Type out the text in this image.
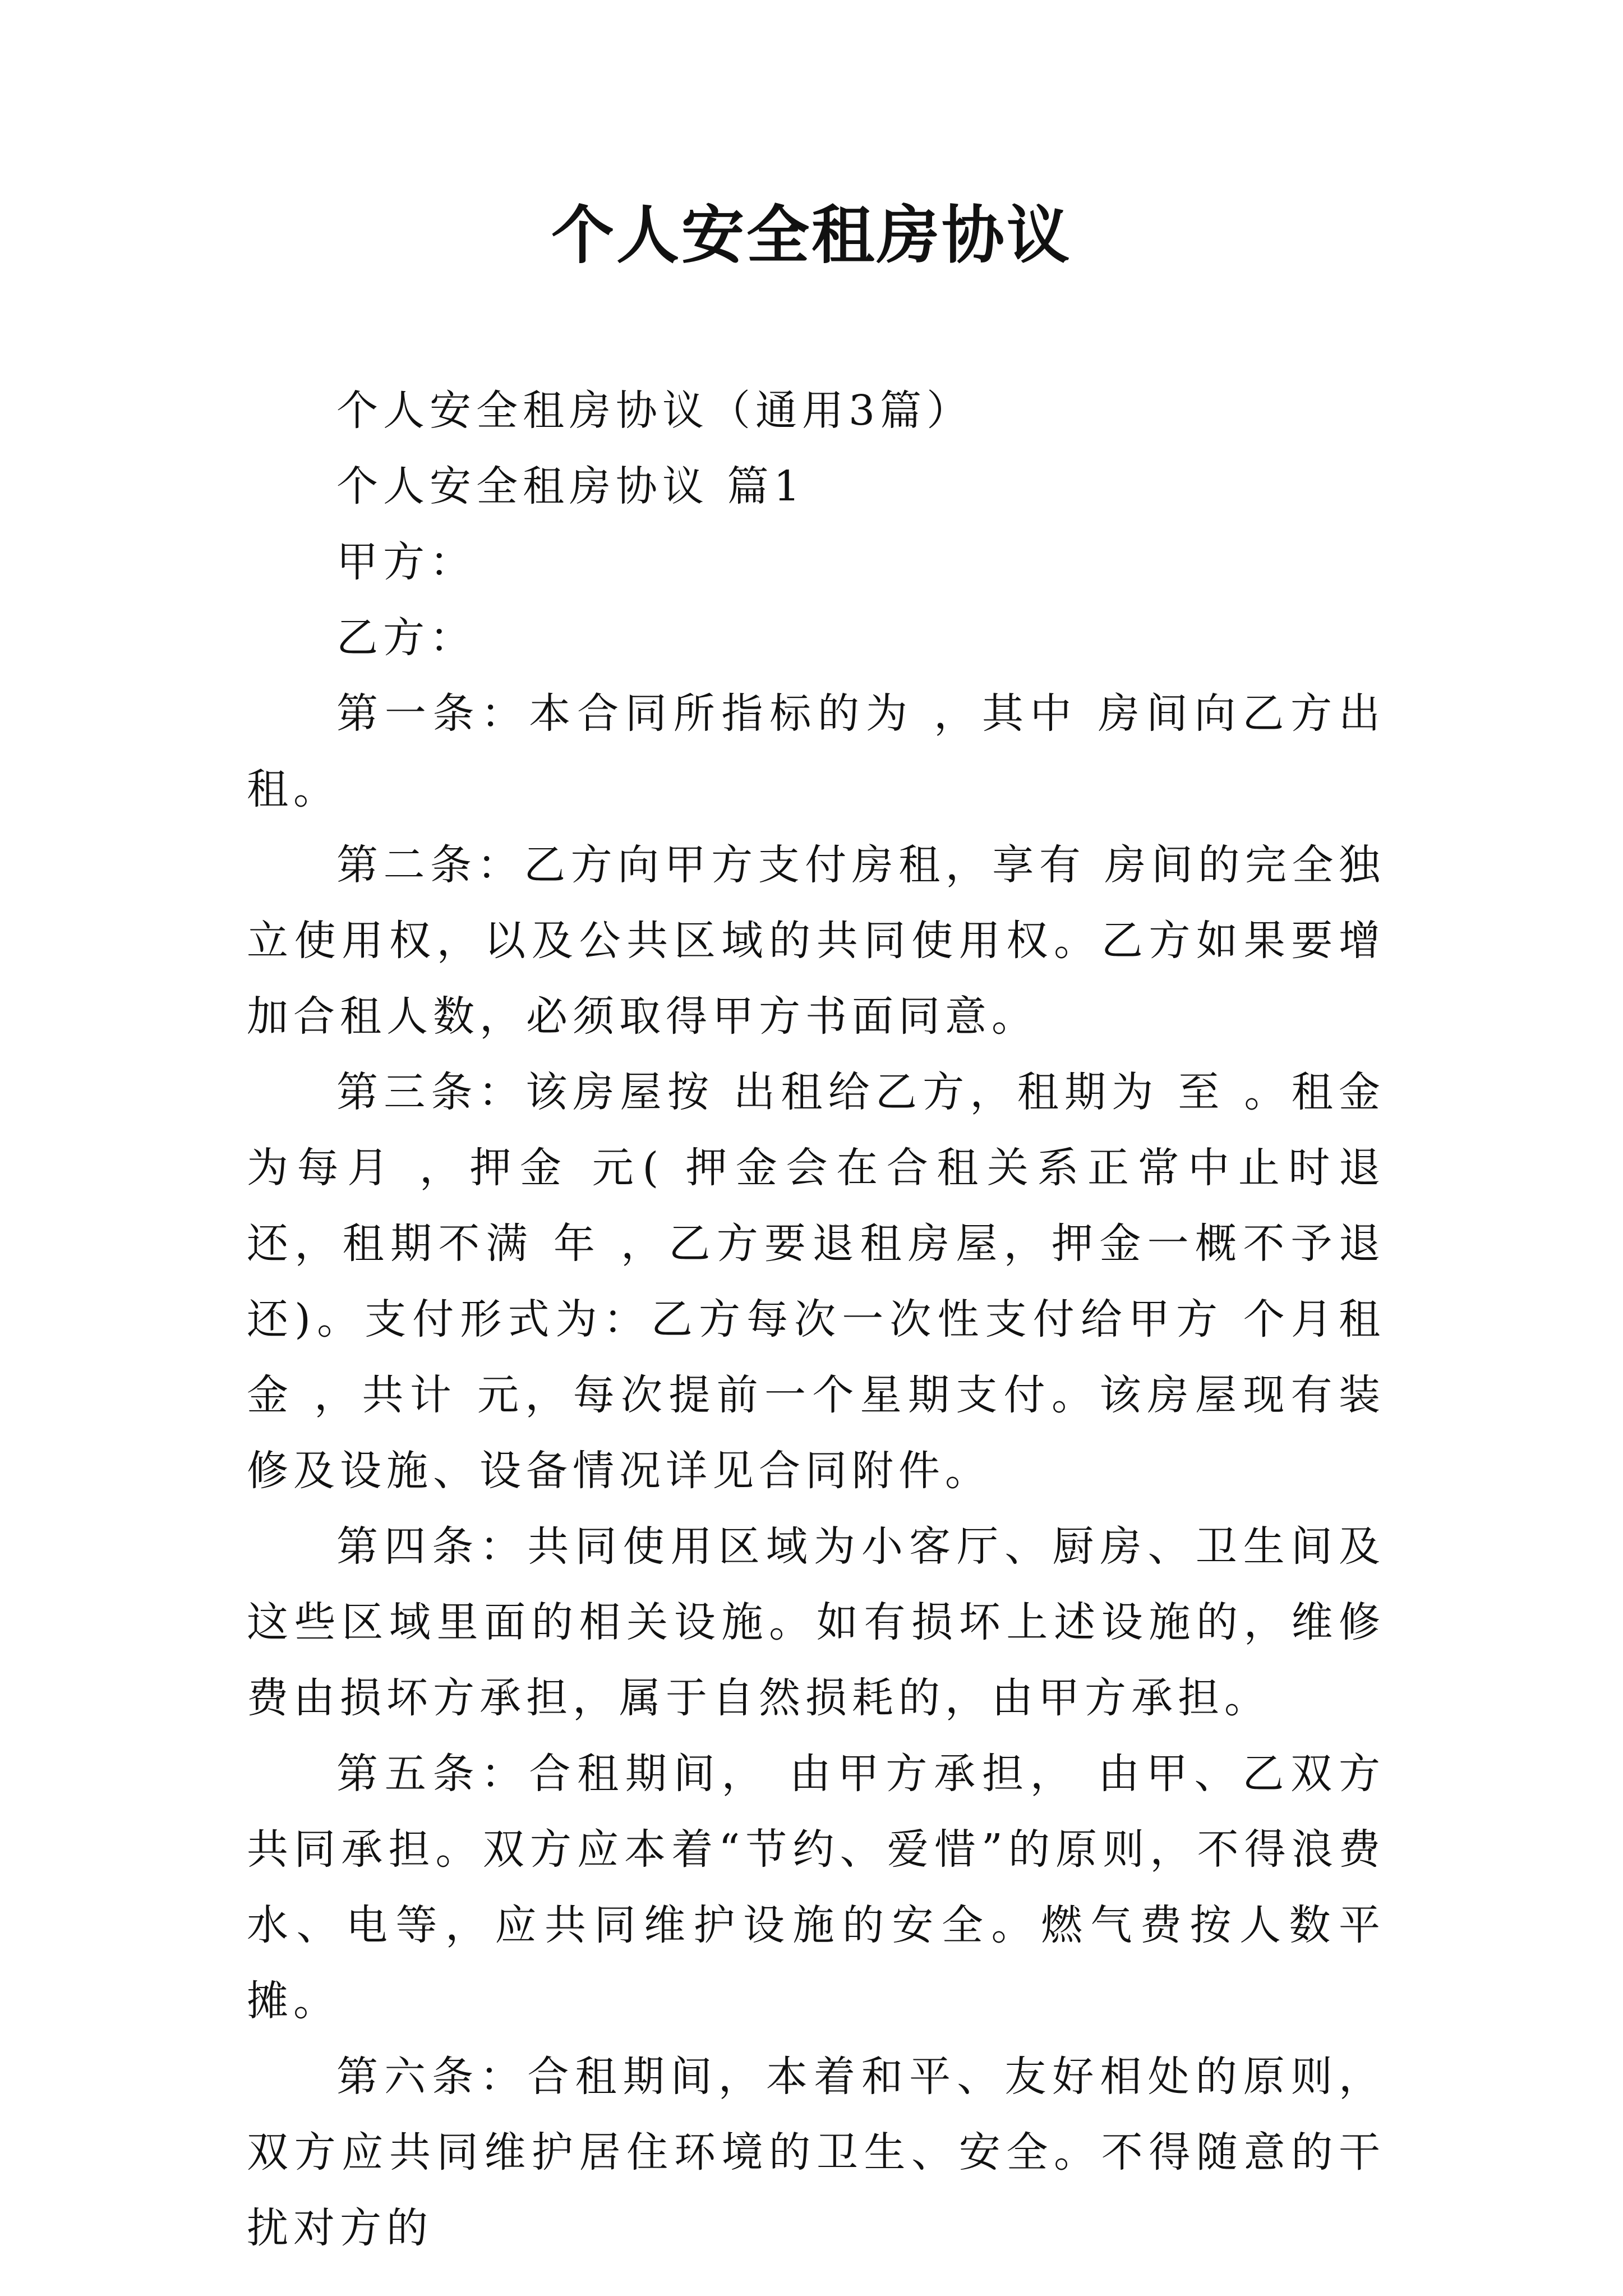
个人安全租房协议

个人安全租房协议（通用3篇）

个人安全租房协议 篇1

甲方：

乙方：

第一条：本合同所指标的为 ，其中 房间向乙方出租。

第二条：乙方向甲方支付房租，享有 房间的完全独立使用权，以及公共区域的共同使用权。乙方如果要增加合租人数，必须取得甲方书面同意。

第三条：该房屋按 出租给乙方，租期为 至 。租金为每月 ，押金 元( 押金会在合租关系正常中止时退还，租期不满 年 ，乙方要退租房屋，押金一概不予退还)。支付形式为：乙方每次一次性支付给甲方 个月租金 ，共计 元，每次提前一个星期支付。该房屋现有装修及设施、设备情况详见合同附件。

第四条：共同使用区域为小客厅、厨房、卫生间及这些区域里面的相关设施。如有损坏上述设施的，维修费由损坏方承担，属于自然损耗的，由甲方承担。

第五条：合租期间， 由甲方承担， 由甲、乙双方共同承担。双方应本着“节约、爱惜”的原则，不得浪费水、电等，应共同维护设施的安全。燃气费按人数平摊。

第六条：合租期间，本着和平、友好相处的原则，双方应共同维护居住环境的卫生、安全。不得随意的干扰对方的
